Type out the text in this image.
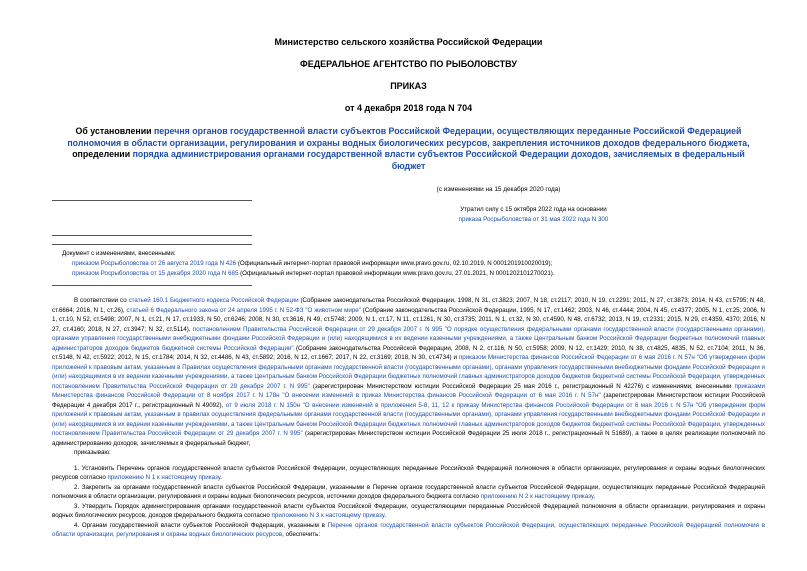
Министерство сельского хозяйства Российской Федерации
ФЕДЕРАЛЬНОЕ АГЕНТСТВО ПО РЫБОЛОВСТВУ
ПРИКАЗ
от 4 декабря 2018 года N 704
Об установлении перечня органов государственной власти субъектов Российской Федерации, осуществляющих переданные Российской Федерацией полномочия в области организации, регулирования и охраны водных биологических ресурсов, закрепления источников доходов федерального бюджета, определении порядка администрирования органами государственной власти субъектов Российской Федерации доходов, зачисляемых в федеральный бюджет
(с изменениями на 15 декабря 2020 года)
Утратил силу с 15 октября 2022 года на основании
приказа Росрыболовства от 31 мая 2022 года N 300
Документ с изменениями, внесенными:
приказом Росрыболовства от 26 августа 2019 года N 426 (Официальный интернет-портал правовой информации www.pravo.gov.ru, 02.10.2019, N 0001201910020019);
приказом Росрыболовства от 15 декабря 2020 года N 685 (Официальный интернет-портал правовой информации www.pravo.gov.ru, 27.01.2021, N 0001202101270021).

В соответствии со статьей 160.1 Бюджетного кодекса Российской Федерации (Собрание законодательства Российской Федерации, 1998, N 31, ст.3823; 2007, N 18, ст.2117; 2010, N 19, ст.2291; 2011, N 27, ст.3873; 2014, N 43, ст.5795; N 48, ст.6664; 2016, N 1, ст.26), статьей 6 Федерального закона от 24 апреля 1995 г. N 52-ФЗ "О животном мире" (Собрание законодательства Российской Федерации, 1995, N 17, ст.1462; 2003, N 46, ст.4444; 2004, N 45, ст.4377; 2005, N 1, ст.25; 2006, N 1, ст.10, N 52, ст.5498; 2007, N 1, ст.21, N 17, ст.1933, N 50, ст.6246; 2008, N 30, ст.3616, N 49, ст.5748; 2009, N 1, ст.17, N 11, ст.1261, N 30, ст.3735; 2011, N 1, ст.32, N 30, ст.4590, N 48, ст.6732; 2013, N 19, ст.2331; 2015, N 29, ст.4359, 4370; 2016, N 27, ст.4160; 2018, N 27, ст.3947; N 32, ст.5114), постановлением Правительства Российской Федерации от 29 декабря 2007 г. N 995 "О порядке осуществления федеральными органами государственной власти (государственными органами), органами управления государственными внебюджетными фондами Российской Федерации и (или) находящимися в их ведении казенными учреждениями, а также Центральным банком Российской Федерации бюджетных полномочий главных администраторов доходов бюджетов бюджетной системы Российской Федерации" (Собрание законодательства Российской Федерации, 2008, N 2, ст.116, N 50, ст.5958; 2009, N 12, ст.1429; 2010, N 38, ст.4825, 4835, N 52, ст.7104; 2011, N 36, ст.5148, N 42, ст.5922; 2012, N 15, ст.1784; 2014, N 32, ст.4486, N 43, ст.5892; 2016, N 12, ст.1667; 2017, N 22, ст.3169; 2018, N 30, ст.4734) и приказом Министерства финансов Российской Федерации от 6 мая 2016 г. N 57н "Об утверждении форм приложений к правовым актам, указанным в Правилах осуществления федеральными органами государственной власти (государственными органами), органами управления государственными внебюджетными фондами Российской Федерации и (или) находящимися в их ведении казенными учреждениями, а также Центральным банком Российской Федерации бюджетных полномочий главных администраторов доходов бюджетов бюджетной системы Российской Федерации, утвержденных постановлением Правительства Российской Федерации от 29 декабря 2007 г. N 995" (зарегистрирован Министерством юстиции Российской Федерации 25 мая 2016 г., регистрационный N 42276) с изменениями, внесенными приказами Министерства финансов Российской Федерации от 8 ноября 2017 г. N 178н "О внесении изменений в приказ Министерства финансов Российской Федерации от 6 мая 2016 г. N 57н" (зарегистрирован Министерством юстиции Российской Федерации 4 декабря 2017 г., регистрационный N 49092), от 9 июля 2018 г. N 150н "О внесении изменений в приложения 5-8, 11, 12 к приказу Министерства финансов Российской Федерации от 6 мая 2016 г. N 57н "Об утверждении форм приложений к правовым актам, указанным в правилах осуществления федеральными органами государственной власти (государственными органами), органами управления государственными внебюджетными фондами Российской Федерации и (или) находящимися в их ведении казенными учреждениями, а также Центральным банком Российской Федерации бюджетных полномочий главных администраторов доходов бюджетов бюджетной системы Российской Федерации, утвержденных постановлением Правительства Российской Федерации от 29 декабря 2007 г. N 995" (зарегистрирован Министерством юстиции Российской Федерации 25 июля 2018 г., регистрационный N 51689), а также в целях реализации полномочий по администрированию доходов, зачисляемых в федеральный бюджет,

приказываю:

1. Установить Перечень органов государственной власти субъектов Российской Федерации, осуществляющих переданные Российской Федерацией полномочия в области организации, регулирования и охраны водных биологических ресурсов согласно приложению N 1 к настоящему приказу.

2. Закрепить за органами государственной власти субъектов Российской Федерации, указанными в Перечне органов государственной власти субъектов Российской Федерации, осуществляющих переданные Российской Федерацией полномочия в области организации, регулирования и охраны водных биологических ресурсов, источники доходов федерального бюджета согласно приложению N 2 к настоящему приказу.

3. Утвердить Порядок администрирования органами государственной власти субъектов Российской Федерации, осуществляющими переданные Российской Федерацией полномочия в области организации, регулирования и охраны водных биологических ресурсов, доходов федерального бюджета согласно приложению N 3 к настоящему приказу.

4. Органам государственной власти субъектов Российской Федерации, указанным в Перечне органов государственной власти субъектов Российской Федерации, осуществляющих переданные Российской Федерацией полномочия в области организации, регулирования и охраны водных биологических ресурсов, обеспечить:
